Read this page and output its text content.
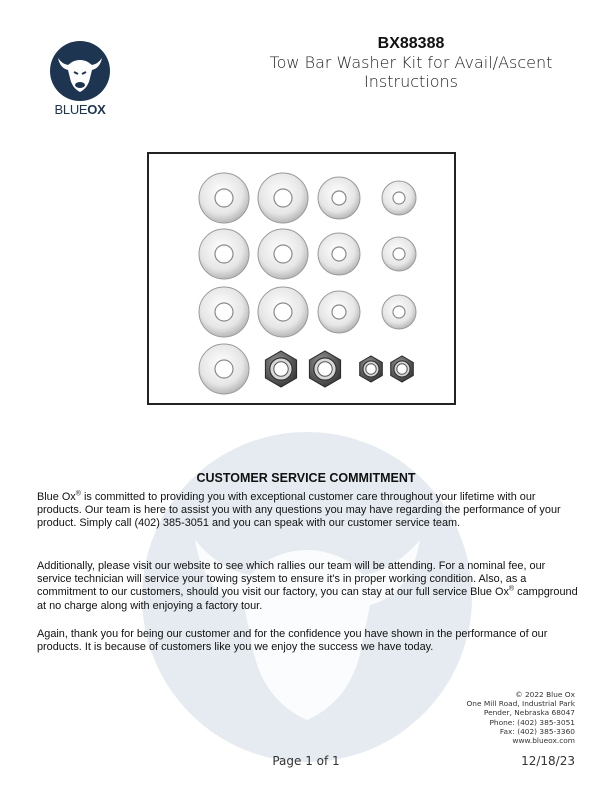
BLUEOX
BX88388
Tow Bar Washer Kit for Avail/Ascent
Instructions
CUSTOMER SERVICE COMMITMENT
Blue Ox® is committed to providing you with exceptional customer care throughout your lifetime with our products. Our team is here to assist you with any questions you may have regarding the performance of your product. Simply call (402) 385-3051 and you can speak with our customer service team.
Additionally, please visit our website to see which rallies our team will be attending. For a nominal fee, our service technician will service your towing system to ensure it's in proper working condition. Also, as a commitment to our customers, should you visit our factory, you can stay at our full service Blue Ox® campground at no charge along with enjoying a factory tour.
Again, thank you for being our customer and for the confidence you have shown in the performance of our products. It is because of customers like you we enjoy the success we have today.
© 2022 Blue Ox
One Mill Road, Industrial Park
Pender, Nebraska 68047
Phone: (402) 385-3051
Fax: (402) 385-3360
www.blueox.com
Page 1 of 1	12/18/23
